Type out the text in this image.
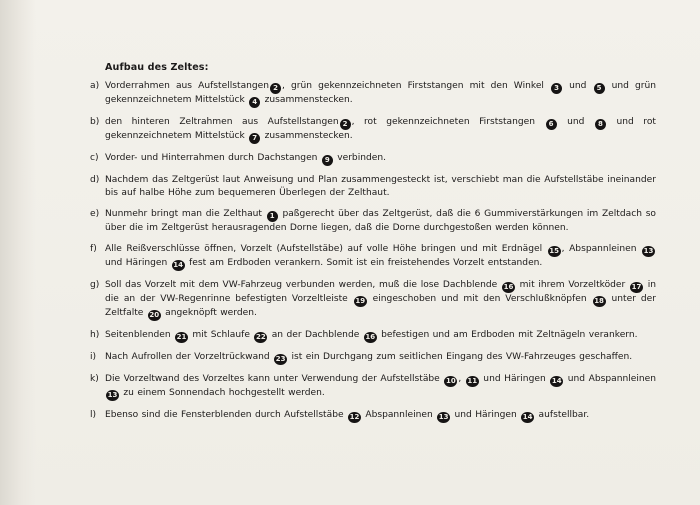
Aufbau des Zeltes:
a) Vorderrahmen aus Aufstellstangen 2 , grün gekennzeichneten Firststangen mit den Winkel 3 und 5 und grün gekennzeichnetem Mittelstück 4 zusammenstecken.
b) den hinteren Zeltrahmen aus Aufstellstangen 2 , rot gekennzeichneten Firststangen 6 und 8 und rot gekennzeichnetem Mittelstück 7 zusammenstecken.
c) Vorder- und Hinterrahmen durch Dachstangen 9 verbinden.
d) Nachdem das Zeltgerüst laut Anweisung und Plan zusammengesteckt ist, verschiebt man die Aufstellstäbe ineinander bis auf halbe Höhe zum bequemeren Überlegen der Zelthaut.
e) Nunmehr bringt man die Zelthaut 1 paßgerecht über das Zeltgerüst, daß die 6 Gummiverstärkungen im Zeltdach so über die im Zeltgerüst herausragenden Dorne liegen, daß die Dorne durchgestoßen werden können.
f) Alle Reißverschlüsse öffnen, Vorzelt (Aufstellstäbe) auf volle Höhe bringen und mit Erdnägel 15 , Abspannleinen 13 und Häringen 14 fest am Erdboden verankern. Somit ist ein freistehendes Vorzelt entstanden.
g) Soll das Vorzelt mit dem VW-Fahrzeug verbunden werden, muß die lose Dachblende 16 mit ihrem Vorzeltköder 17 in die an der VW-Regenrinne befestigten Vorzeltleiste 19 eingeschoben und mit den Verschlußknöpfen 18 unter der Zeltfalte 20 angeknöpft werden.
h) Seitenblenden 21 mit Schlaufe 22 an der Dachblende 16 befestigen und am Erdboden mit Zeltnägeln verankern.
i) Nach Aufrollen der Vorzeltrückwand 23 ist ein Durchgang zum seitlichen Eingang des VW-Fahrzeuges geschaffen.
k) Die Vorzeltwand des Vorzeltes kann unter Verwendung der Aufstellstäbe 10 , 11 und Häringen 14 und Abspannleinen 13 zu einem Sonnendach hochgestellt werden.
l) Ebenso sind die Fensterblenden durch Aufstellstäbe 12 Abspannleinen 13 und Häringen 14 aufstellbar.
